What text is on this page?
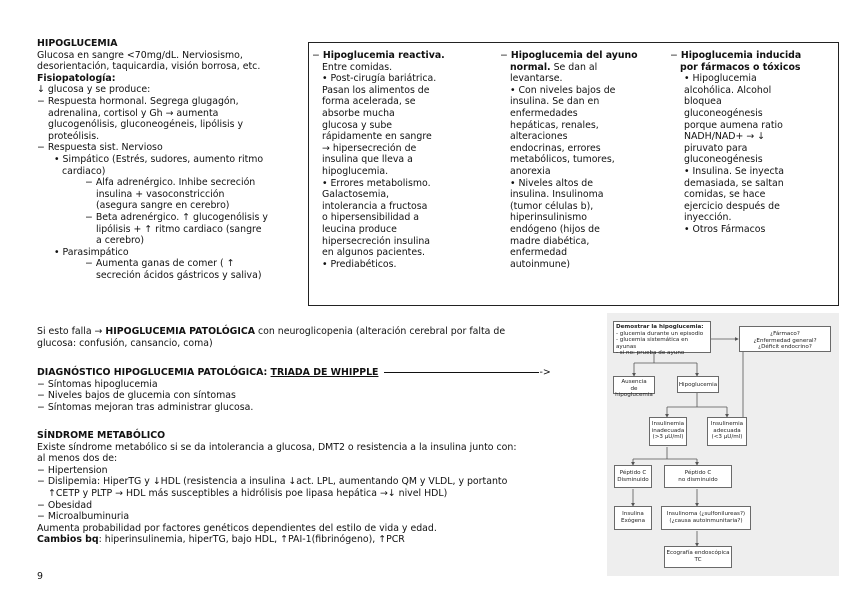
HIPOGLUCEMIA

Glucosa en sangre <70mg/dL. Nerviosismo,

desorientación, taquicardia, visión borrosa, etc.

Fisiopatología:

↓ glucosa y se produce:

− Respuesta hormonal. Segrega glugagón,

adrenalina, cortisol y Gh → aumenta

glucogenólisis, gluconeogéneis, lipólisis y

proteólisis.

− Respuesta sist. Nervioso

• Simpático (Estrés, sudores, aumento ritmo

cardiaco)

− Alfa adrenérgico. Inhibe secreción

insulina + vasoconstricción

(asegura sangre en cerebro)

− Beta adrenérgico. ↑ glucogenólisis y

lipólisis + ↑ ritmo cardiaco (sangre

a cerebro)

• Parasimpático

− Aumenta ganas de comer ( ↑

secreción ácidos gástricos y saliva)

− Hipoglucemia reactiva.

Entre comidas.

• Post-cirugía bariátrica.

Pasan los alimentos de

forma acelerada, se

absorbe mucha

glucosa y sube

rápidamente en sangre

→ hipersecreción de

insulina que lleva a

hipoglucemia.

• Errores metabolismo.

Galactosemia,

intolerancia a fructosa

o hipersensibilidad a

leucina produce

hipersecreción insulina

en algunos pacientes.

• Prediabéticos.

− Hipoglucemia del ayuno

normal. Se dan al

levantarse.

• Con niveles bajos de

insulina. Se dan en

enfermedades

hepáticas, renales,

alteraciones

endocrinas, errores

metabólicos, tumores,

anorexia

• Niveles altos de

insulina. Insulinoma

(tumor células b),

hiperinsulinismo

endógeno (hijos de

madre diabética,

enfermedad

autoinmune)

− Hipoglucemia inducida

por fármacos o tóxicos

• Hipoglucemia

alcohólica. Alcohol

bloquea

gluconeogénesis

porque aumena ratio

NADH/NAD+ → ↓

piruvato para

gluconeogénesis

• Insulina. Se inyecta

demasiada, se saltan

comidas, se hace

ejercicio después de

inyección.

• Otros Fármacos

Si esto falla → HIPOGLUCEMIA PATOLÓGICA con neuroglicopenia (alteración cerebral por falta de

glucosa: confusión, cansancio, coma)

DIAGNÓSTICO HIPOGLUCEMIA PATOLÓGICA: TRIADA DE WHIPPLE	->

− Síntomas hipoglucemia

− Niveles bajos de glucemia con síntomas

− Síntomas mejoran tras administrar glucosa.

SÍNDROME METABÓLICO

Existe síndrome metabólico si se da intolerancia a glucosa, DMT2 o resistencia a la insulina junto con:

al menos dos de:

− Hipertension

− Dislipemia: HiperTG y ↓HDL (resistencia a insulina ↓act. LPL, aumentando QM y VLDL, y portanto

↑CETP y PLTP → HDL más susceptibles a hidrólisis poe lipasa hepática →↓ nivel HDL)

− Obesidad

− Microalbuminuria

Aumenta probabilidad por factores genéticos dependientes del estilo de vida y edad.

Cambios bq: hiperinsulinemia, hiperTG, bajo HDL, ↑PAI-1(fibrinógeno), ↑PCR

9
Demostrar la hipoglucemia:
- glucemia durante un episodio
- glucemia sistemática en ayunas
- si no: prueba de ayuno
¿Fármaco?
¿Enfermedad general?
¿Déficit endocrino?
Ausencia
de hipoglucemia
Hipoglucemia
Insulinemia
inadecuada
(>3 µU/ml)
Insulinemia
adecuada
(<3 µU/ml)
Péptido C
Disminuido
Péptido C
no disminuido
Insulina
Exógena
Insulinoma (¿sulfonilureas?)
(¿causa autoinmunitaria?)
Ecografía endoscópica
TC
